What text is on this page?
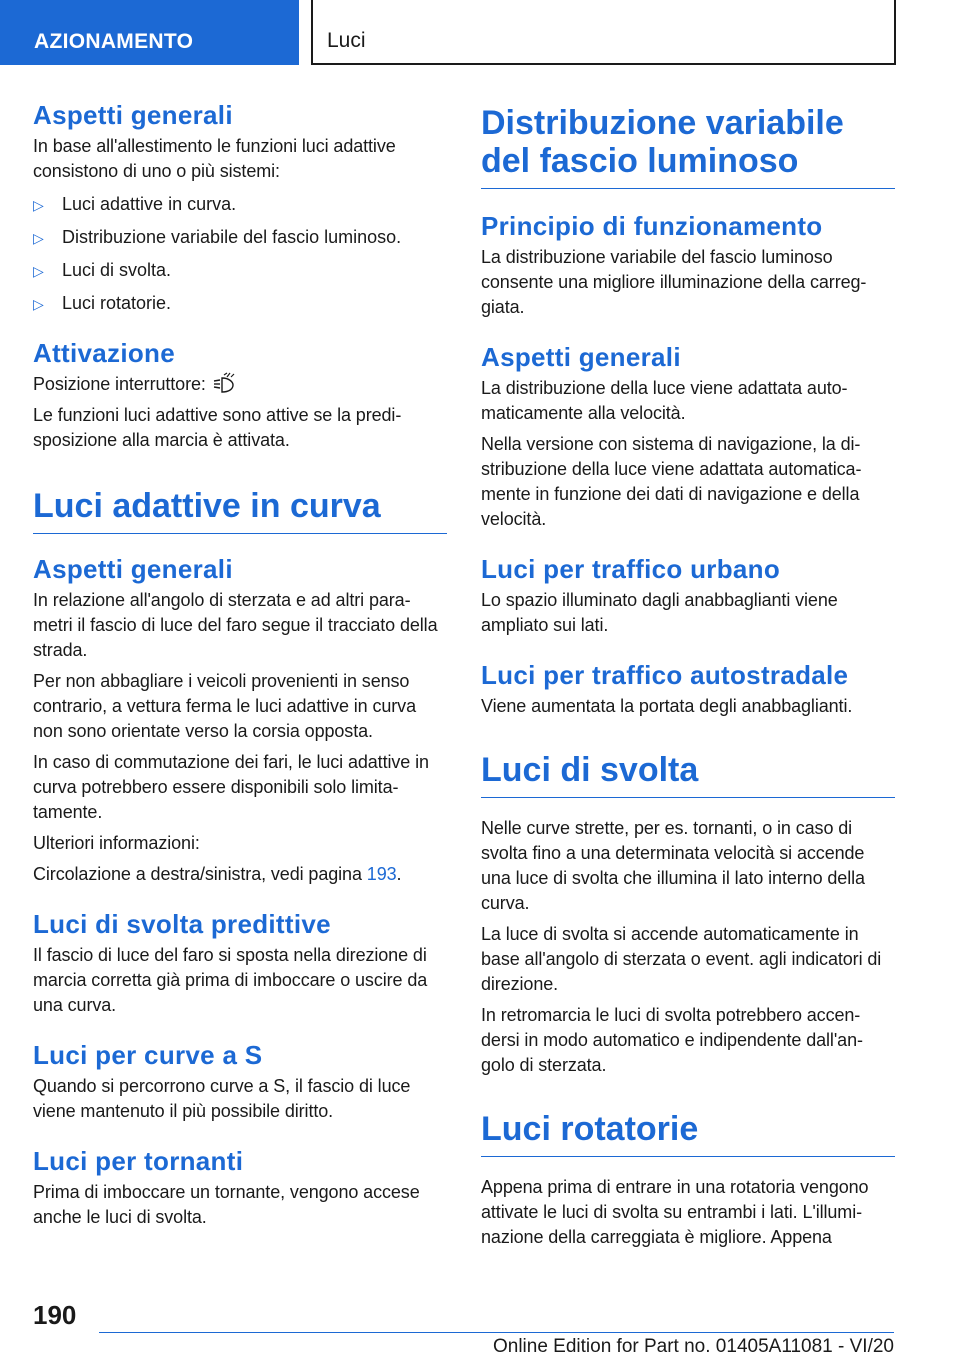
AZIONAMENTO	Luci
Aspetti generali

In base all'allestimento le funzioni luci adattive consistono di uno o più sistemi:

▷ Luci adattive in curva.
▷ Distribuzione variabile del fascio luminoso.
▷ Luci di svolta.
▷ Luci rotatorie.
Attivazione

Posizione interruttore:

Le funzioni luci adattive sono attive se la predi-sposizione alla marcia è attivata.

Luci adattive in curva
Aspetti generali

In relazione all'angolo di sterzata e ad altri para-metri il fascio di luce del faro segue il tracciato della strada.

Per non abbagliare i veicoli provenienti in senso contrario, a vettura ferma le luci adattive in curva non sono orientate verso la corsia opposta.

In caso di commutazione dei fari, le luci adattive in curva potrebbero essere disponibili solo limita-tamente.

Ulteriori informazioni:

Circolazione a destra/sinistra, vedi pagina 193.

Luci di svolta predittive

Il fascio di luce del faro si sposta nella direzione di marcia corretta già prima di imboccare o uscire da una curva.

Luci per curve a S

Quando si percorrono curve a S, il fascio di luce viene mantenuto il più possibile diritto.

Luci per tornanti

Prima di imboccare un tornante, vengono accese anche le luci di svolta.

Distribuzione variabile del fascio luminoso
Principio di funzionamento

La distribuzione variabile del fascio luminoso consente una migliore illuminazione della carreg-giata.

Aspetti generali

La distribuzione della luce viene adattata auto-maticamente alla velocità.

Nella versione con sistema di navigazione, la di-stribuzione della luce viene adattata automatica-mente in funzione dei dati di navigazione e della velocità.

Luci per traffico urbano

Lo spazio illuminato dagli anabbaglianti viene ampliato sui lati.

Luci per traffico autostradale

Viene aumentata la portata degli anabbaglianti.

Luci di svolta

Nelle curve strette, per es. tornanti, o in caso di svolta fino a una determinata velocità si accende una luce di svolta che illumina il lato interno della curva.

La luce di svolta si accende automaticamente in base all'angolo di sterzata o event. agli indicatori di direzione.

In retromarcia le luci di svolta potrebbero accen-dersi in modo automatico e indipendente dall'an-golo di sterzata.

Luci rotatorie

Appena prima di entrare in una rotatoria vengono attivate le luci di svolta su entrambi i lati. L'illumi-nazione della carreggiata è migliore. Appena

190
Online Edition for Part no. 01405A11081 - VI/20
